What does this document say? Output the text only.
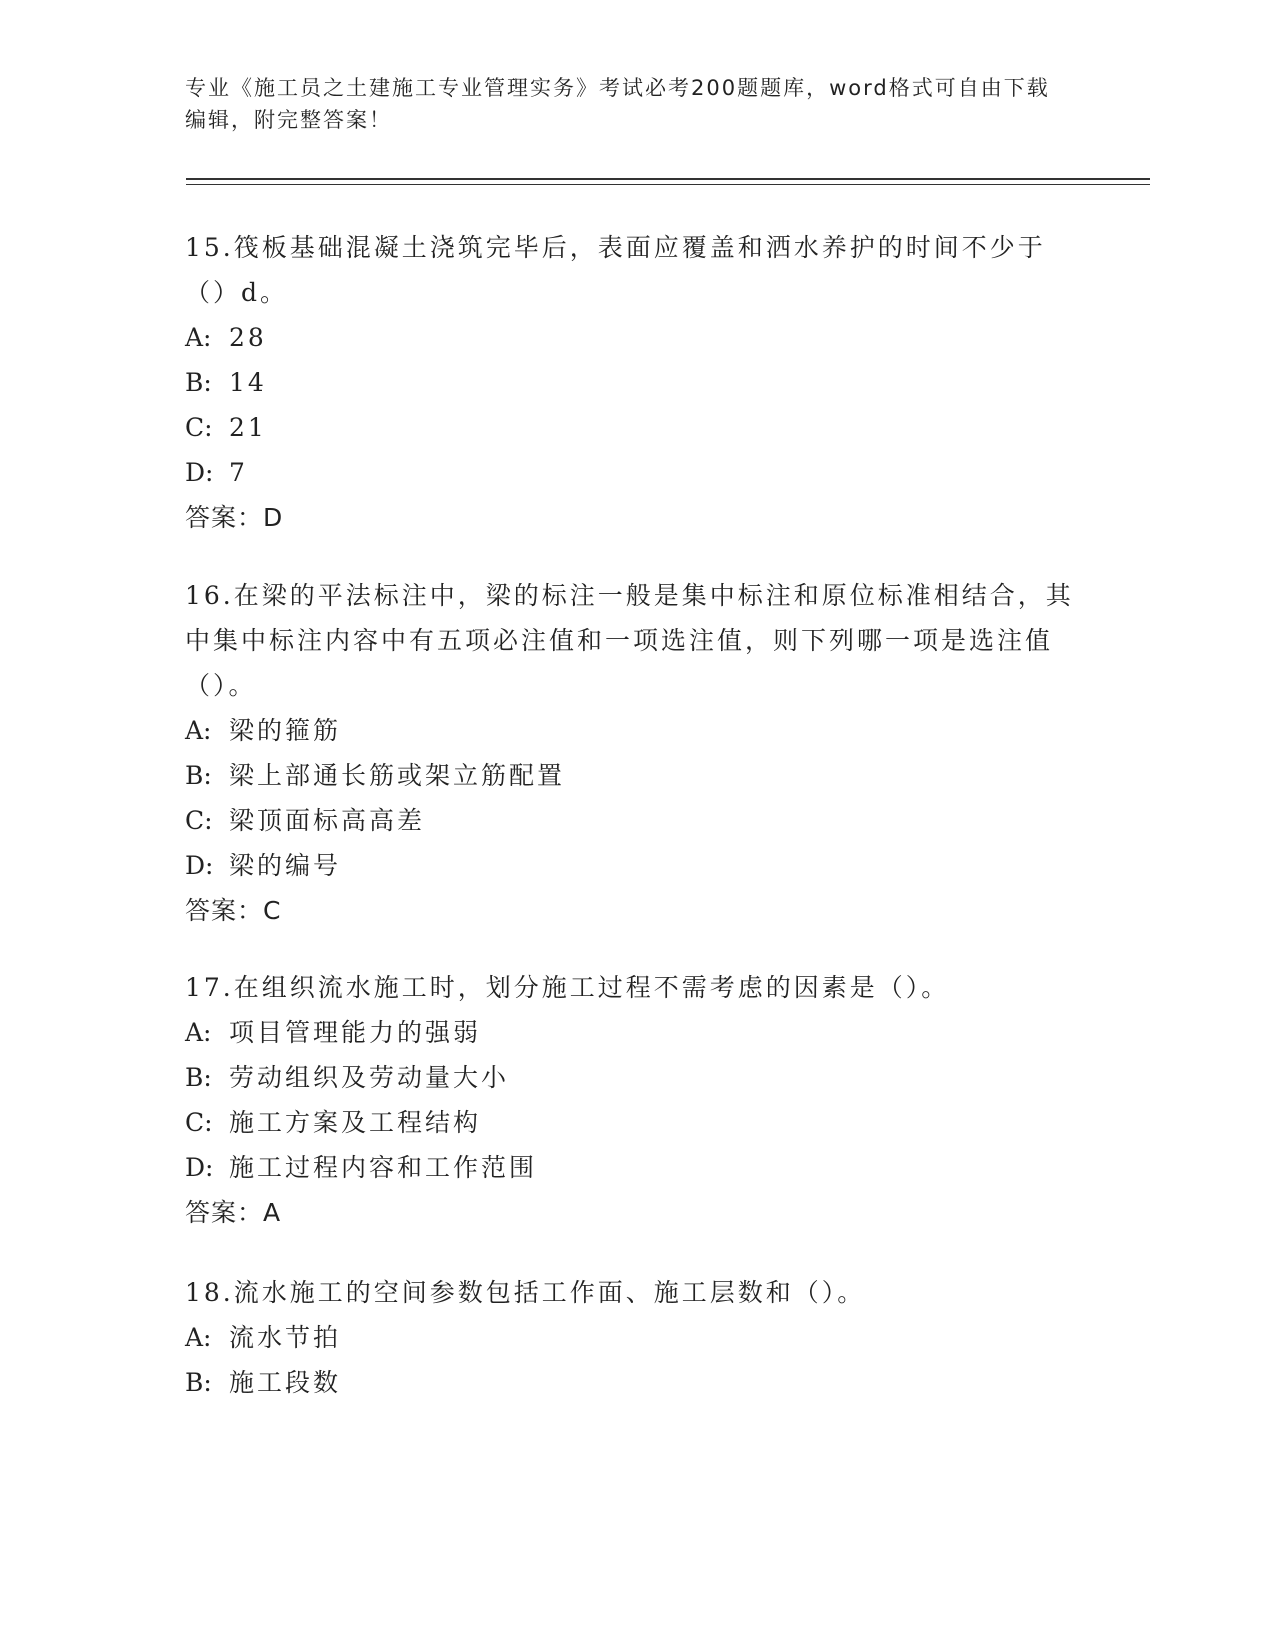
专业《施工员之土建施工专业管理实务》考试必考200题题库，word格式可自由下载编辑，附完整答案！

15.筏板基础混凝土浇筑完毕后，表面应覆盖和洒水养护的时间不少于（）d。

A: 28

B: 14

C: 21

D: 7

答案：D

16.在梁的平法标注中，梁的标注一般是集中标注和原位标准相结合，其中集中标注内容中有五项必注值和一项选注值，则下列哪一项是选注值（）。

A: 梁的箍筋

B: 梁上部通长筋或架立筋配置

C: 梁顶面标高高差

D: 梁的编号

答案：C

17.在组织流水施工时，划分施工过程不需考虑的因素是（）。

A: 项目管理能力的强弱

B: 劳动组织及劳动量大小

C: 施工方案及工程结构

D: 施工过程内容和工作范围

答案：A

18.流水施工的空间参数包括工作面、施工层数和（）。

A: 流水节拍

B: 施工段数
